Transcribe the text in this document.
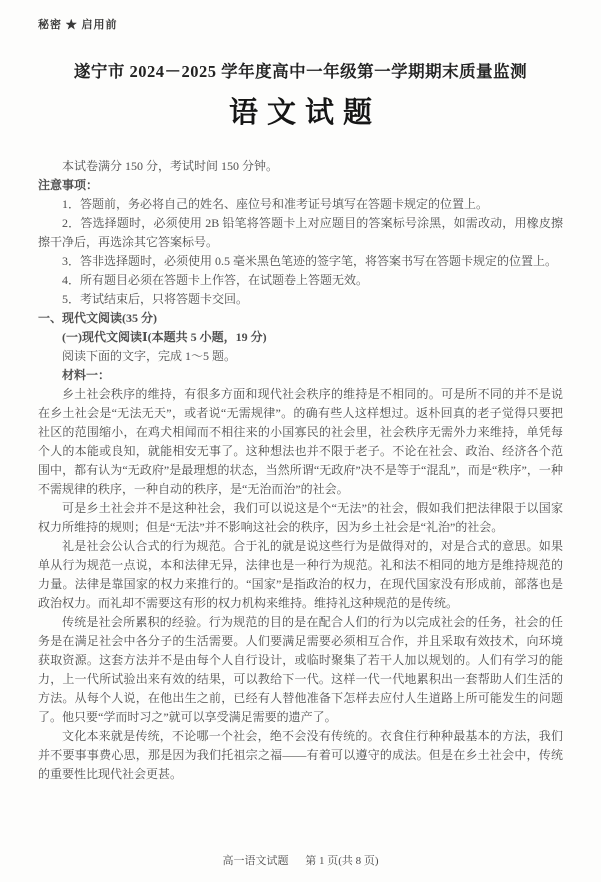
秘密 ★ 启用前
遂宁市 2024－2025 学年度高中一年级第一学期期末质量监测
语文试题

本试卷满分 150 分，考试时间 150 分钟。

注意事项：

1．答题前，务必将自己的姓名、座位号和准考证号填写在答题卡规定的位置上。

2．答选择题时，必须使用 2B 铅笔将答题卡上对应题目的答案标号涂黑，如需改动，用橡皮擦擦干净后，再选涂其它答案标号。

3．答非选择题时，必须使用 0.5 毫米黑色笔迹的签字笔，将答案书写在答题卡规定的位置上。

4．所有题目必须在答题卡上作答，在试题卷上答题无效。

5．考试结束后，只将答题卡交回。

一、现代文阅读(35 分)

(一)现代文阅读Ⅰ(本题共 5 小题，19 分)

阅读下面的文字，完成 1～5 题。

材料一：

乡土社会秩序的维持，有很多方面和现代社会秩序的维持是不相同的。可是所不同的并不是说在乡土社会是“无法无天”，或者说“无需规律”。的确有些人这样想过。返朴回真的老子觉得只要把社区的范围缩小，在鸡犬相闻而不相往来的小国寡民的社会里，社会秩序无需外力来维持，单凭每个人的本能或良知，就能相安无事了。这种想法也并不限于老子。不论在社会、政治、经济各个范围中，都有认为“无政府”是最理想的状态，当然所谓“无政府”决不是等于“混乱”，而是“秩序”，一种不需规律的秩序，一种自动的秩序，是“无治而治”的社会。

可是乡土社会并不是这种社会，我们可以说这是个“无法”的社会，假如我们把法律限于以国家权力所维持的规则；但是“无法”并不影响这社会的秩序，因为乡土社会是“礼治”的社会。

礼是社会公认合式的行为规范。合于礼的就是说这些行为是做得对的，对是合式的意思。如果单从行为规范一点说，本和法律无异，法律也是一种行为规范。礼和法不相同的地方是维持规范的力量。法律是靠国家的权力来推行的。“国家”是指政治的权力，在现代国家没有形成前，部落也是政治权力。而礼却不需要这有形的权力机构来维持。维持礼这种规范的是传统。

传统是社会所累积的经验。行为规范的目的是在配合人们的行为以完成社会的任务，社会的任务是在满足社会中各分子的生活需要。人们要满足需要必须相互合作，并且采取有效技术，向环境获取资源。这套方法并不是由每个人自行设计，或临时聚集了若干人加以规划的。人们有学习的能力，上一代所试验出来有效的结果，可以教给下一代。这样一代一代地累积出一套帮助人们生活的方法。从每个人说，在他出生之前，已经有人替他准备下怎样去应付人生道路上所可能发生的问题了。他只要“学而时习之”就可以享受满足需要的遗产了。

文化本来就是传统，不论哪一个社会，绝不会没有传统的。衣食住行种种最基本的方法，我们并不要事事费心思，那是因为我们托祖宗之福——有着可以遵守的成法。但是在乡土社会中，传统的重要性比现代社会更甚。

高一语文试题 第 1 页(共 8 页)
